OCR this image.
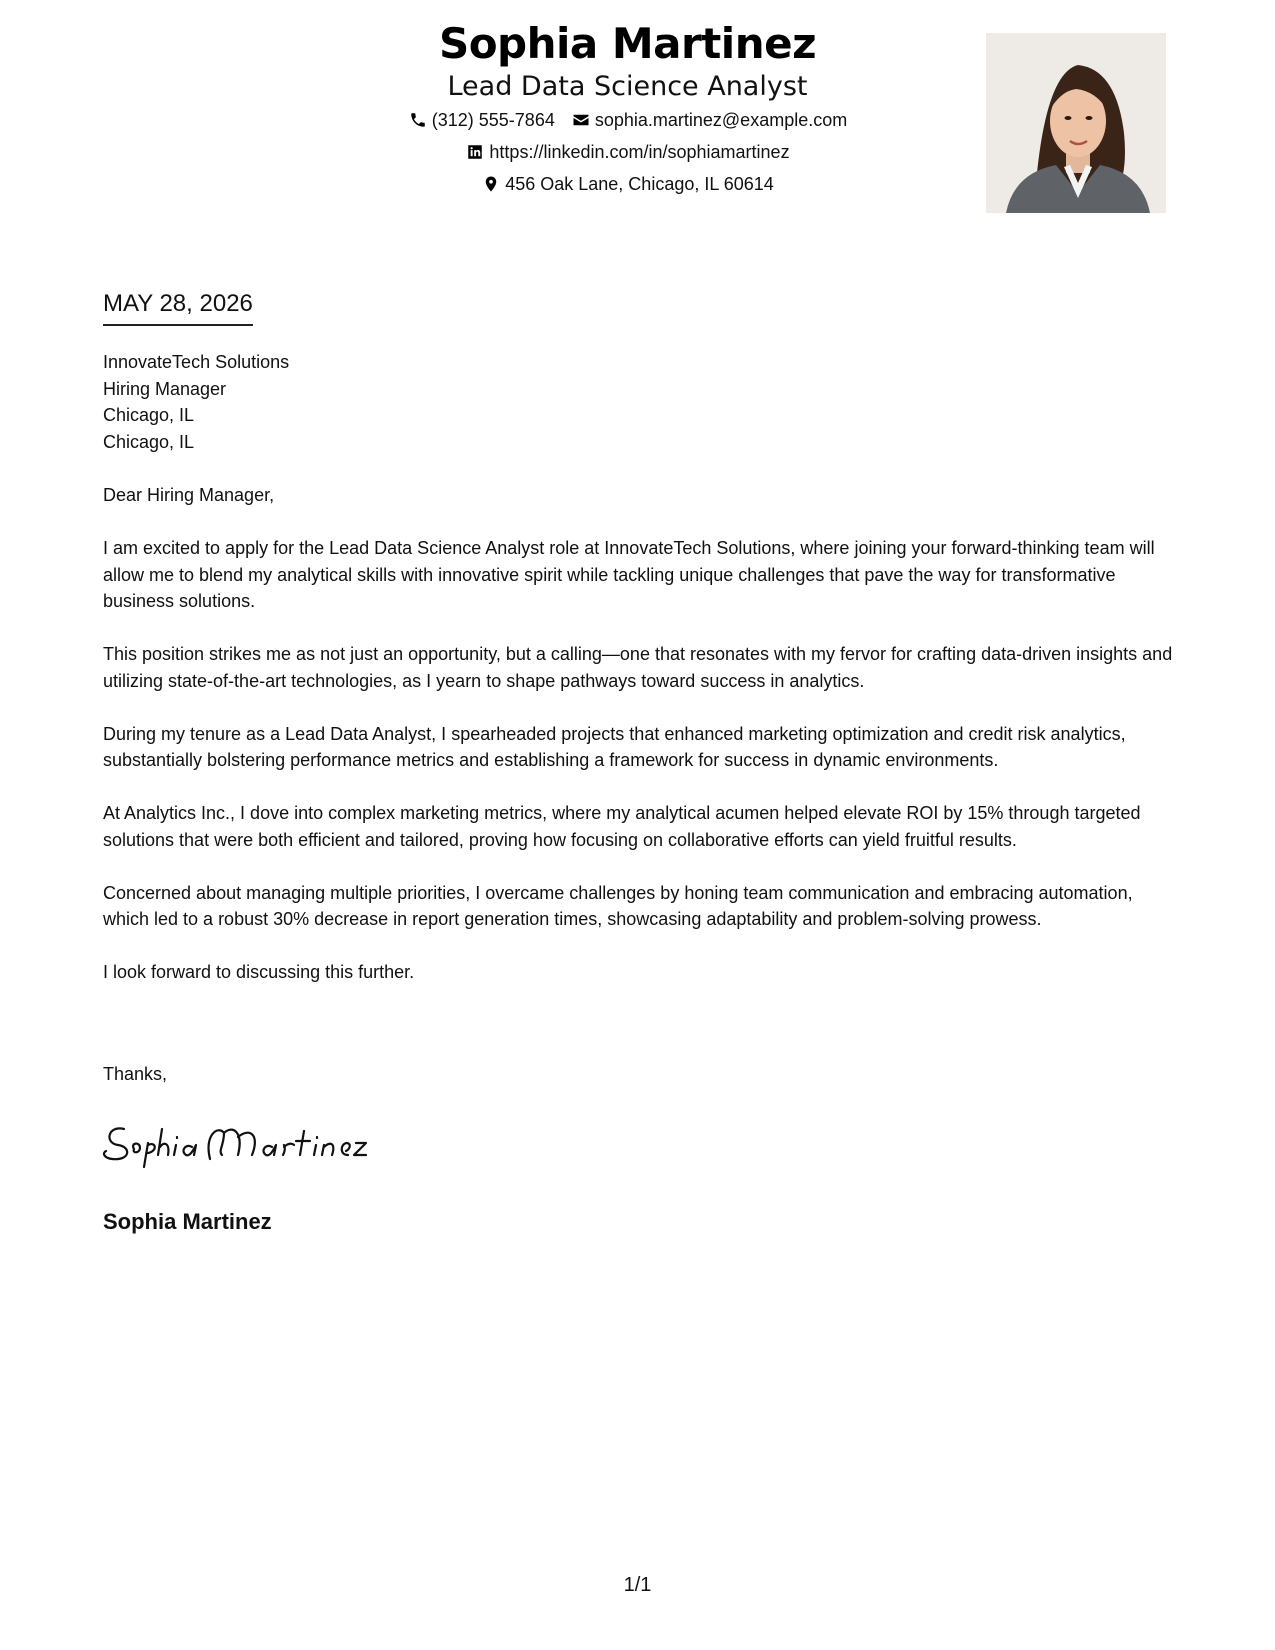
Sophia Martinez
Lead Data Science Analyst
(312) 555-7864 sophia.martinez@example.com
https://linkedin.com/in/sophiamartinez
456 Oak Lane, Chicago, IL 60614
MAY 28, 2026
InnovateTech Solutions
Hiring Manager
Chicago, IL
Chicago, IL

Dear Hiring Manager,

I am excited to apply for the Lead Data Science Analyst role at InnovateTech Solutions, where joining your forward-thinking team will allow me to blend my analytical skills with innovative spirit while tackling unique challenges that pave the way for transformative business solutions.

This position strikes me as not just an opportunity, but a calling—one that resonates with my fervor for crafting data-driven insights and utilizing state-of-the-art technologies, as I yearn to shape pathways toward success in analytics.

During my tenure as a Lead Data Analyst, I spearheaded projects that enhanced marketing optimization and credit risk analytics, substantially bolstering performance metrics and establishing a framework for success in dynamic environments.

At Analytics Inc., I dove into complex marketing metrics, where my analytical acumen helped elevate ROI by 15% through targeted solutions that were both efficient and tailored, proving how focusing on collaborative efforts can yield fruitful results.

Concerned about managing multiple priorities, I overcame challenges by honing team communication and embracing automation, which led to a robust 30% decrease in report generation times, showcasing adaptability and problem-solving prowess.

I look forward to discussing this further.

Thanks,
Sophia Martinez
1/1
